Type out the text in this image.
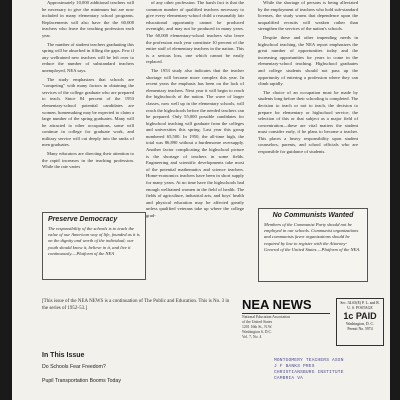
Approximately 10,000 additional teachers will be necessary to give the minimum but are now included in many elementary school programs. Replacements will also have the the 60,000 teachers who leave the teaching profession each year.

The number of student teachers graduating this spring will be absorbed in filling the gaps. Few if any wellrained new teachers will be left over to reduce the number of substandard teachers unemployed, NEA says.

The study emphasizes that schools are "competing" with many factors in obtaining the services of the college graduate who are prepared to teach. Since 84 percent of the 1953 elementary-school potential candidates are women, homemaking may be expected to claim a large number of the spring graduates. Many will be attracted to other occupations, some will continue in college for graduate work, and military service will cut deeply into the ranks of men graduates.

Many educators are directing their attention to the rapid increases in the teaching profession. While the rate varies

of any other profession. The harsh fact is that the common number of qualified teachers necessary to give every elementary-school child a reasonably fair educational opportunity cannot be produced overnight, and may not be produced in many years. The 60,000 elementary-school teachers who leave the profession each year constitute 10 percent of the entire staff of elementary teachers in the nation. This is a serious loss, one which cannot be easily replaced.

The 1953 study also indicates that the teacher shortage will become more complex this year. In recent years the emphasis has been on the lack of elementary teachers. Next year it will begin to reach the highschools of the nation. The wave of larger classes, now well up in the elementary schools, will reach the highschools before the needed teachers can be prepared. Only 55,000 possible candidates for highschool teaching will graduate from the colleges and universities this spring. Last year this group numbered 65,500. In 1950, the all-time high, the total was 86,890 without a burdensome oversupply. Another factor complicating the highschool picture is the shortage of teachers in some fields. Engineering and scientific developments take most of the potential mathematics and science teachers. Home-economics teachers have been in short supply for many years. At no time have the highschools had enough wellrained women in the field of health. The fields of agriculture, industrial arts, and boys' health and physical education may be affected greatly unless qualified veterans take up where the college grad-

While the shortage of persons is being alleviated by the employment of teachers who hold sub-standard licenses, the study warns that dependence upon the unqualified recruits will weaken rather than strengthen the services of the nation's schools.

Despite these and other impending needs in highschool teaching, the NEA report emphasizes the great number of opportunities today and the increasing opportunities for years to come in the elementary-school teaching. Highschool graduates and college students should not pass up the opportunity of entering a profession where they can climb rapidly.

The choice of an occupation must be made by students long before their schooling is completed. The decision to teach or not to teach, the decision to prepare for elementary or highschool service, the selection of this or that subject as a major field of concentration—these are vital matters the student must consider early, if he plans to become a teacher. This places a heavy responsibility upon student counselors, parents, and school officials who are responsible for guidance of students.

Preserve Democracy

The responsibility of the schools is to teach the value of our American way of life, founded as it is on the dignity and worth of the individual; our youth should know it, believe in it, and live it continuously.—Platform of the NEA

No Communists Wanted

Members of the Communist Party should not be employed in our schools. Communist organizations and communists favor organizations should be required by law to register with the Attorney-General of the United States.—Platform of the NEA.

[This issue of the NEA NEWS is a continuation of The Public and Education. This is No. 3 in the series of 1952-53.]	NEA NEWS
National Education Association
of the United States
1201 16th St., N.W.
Washington 6, D.C.
Vol. 7, No. 4
Sec. 34.65(E) P. L. and R.
U. S. POSTAGE
1c PAID
Washington, D. C.
Permit No. 5974
MONTGOMERY TEACHERS ASSN
J F BANKS PRES
CHRISTIANSBURG INSTITUTE
CAMBRIA VA

In This Issue

Do Schools Fear Freedom?

Pupil Transportation Booms Today
